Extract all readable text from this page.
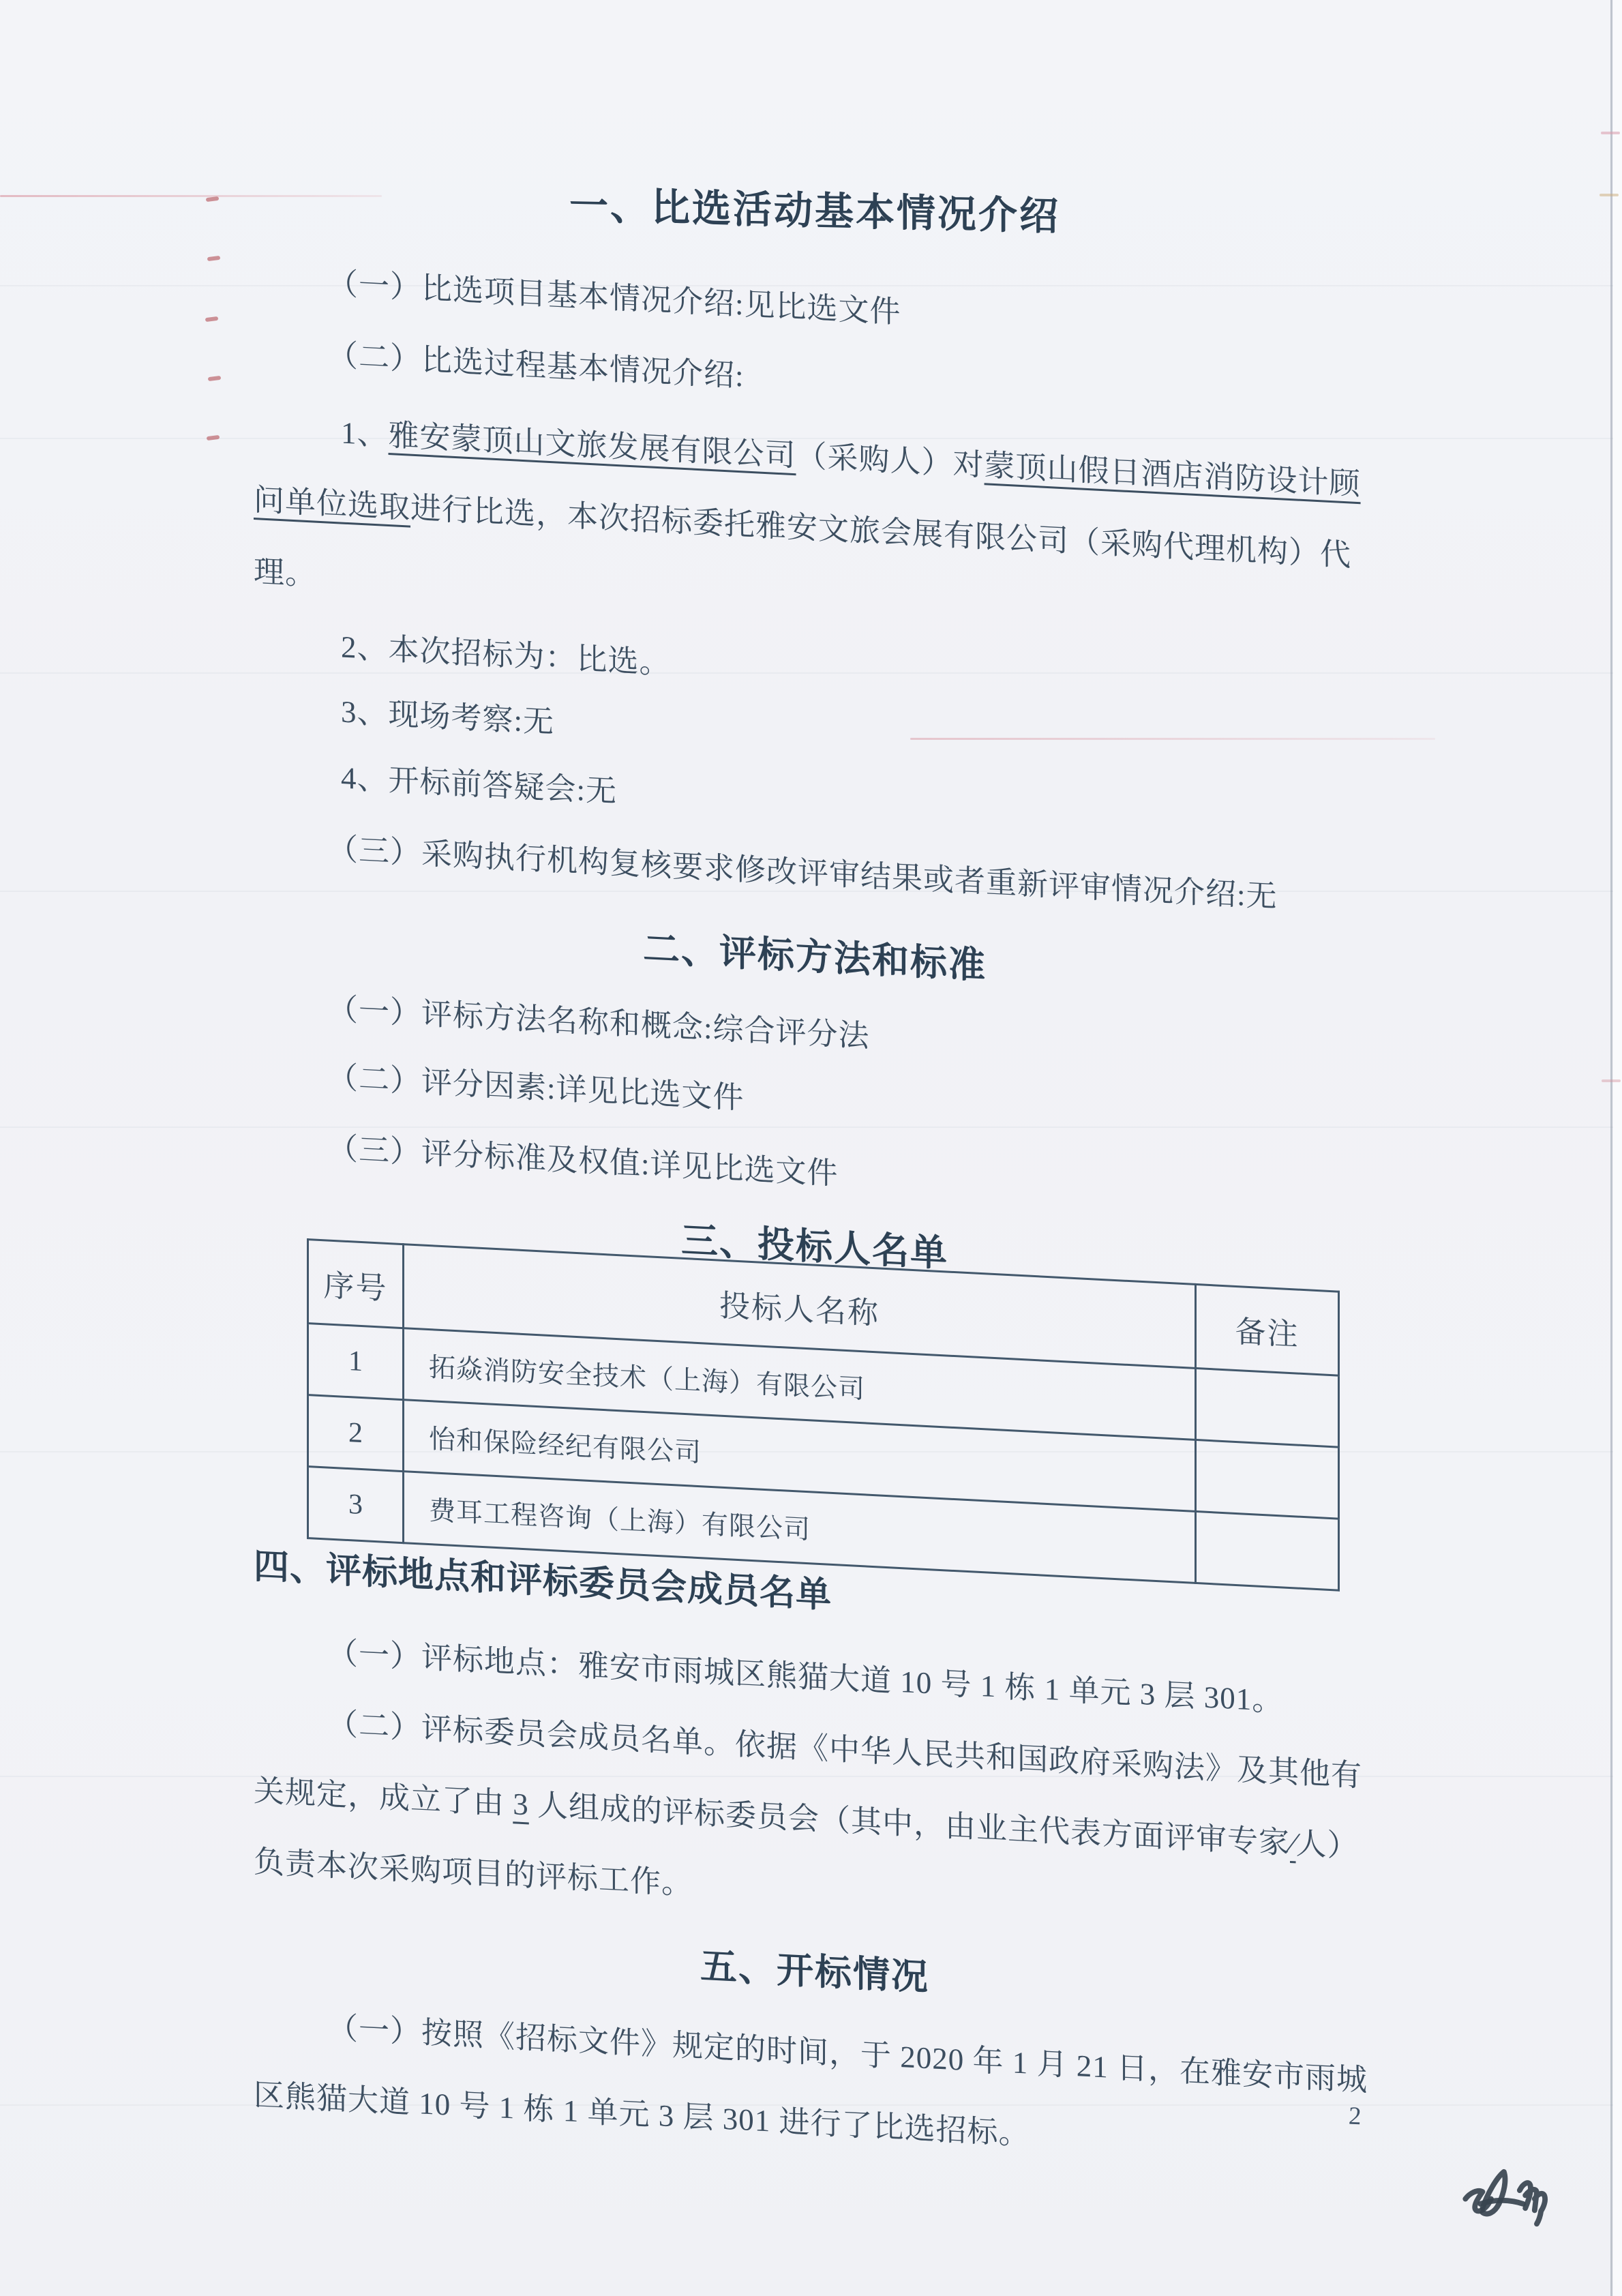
一、比选活动基本情况介绍
（一）比选项目基本情况介绍:见比选文件
（二）比选过程基本情况介绍:
1、雅安蒙顶山文旅发展有限公司（采购人）对蒙顶山假日酒店消防设计顾
问单位选取进行比选，本次招标委托雅安文旅会展有限公司（采购代理机构）代
理。
2、本次招标为：比选。
3、现场考察:无
4、开标前答疑会:无
（三）采购执行机构复核要求修改评审结果或者重新评审情况介绍:无
二、评标方法和标准
（一）评标方法名称和概念:综合评分法
（二）评分因素:详见比选文件
（三）评分标准及权值:详见比选文件
三、投标人名单
序号	投标人名称	备注
1	拓焱消防安全技术（上海）有限公司	
2	怡和保险经纪有限公司	
3	费耳工程咨询（上海）有限公司	
四、评标地点和评标委员会成员名单
（一）评标地点：雅安市雨城区熊猫大道 10 号 1 栋 1 单元 3 层 301。
（二）评标委员会成员名单。依据《中华人民共和国政府采购法》及其他有
关规定，成立了由 3 人组成的评标委员会（其中，由业主代表方面评审专家∕人）
负责本次采购项目的评标工作。
五、开标情况
（一）按照《招标文件》规定的时间，于 2020 年 1 月 21 日，在雅安市雨城
区熊猫大道 10 号 1 栋 1 单元 3 层 301 进行了比选招标。	2
